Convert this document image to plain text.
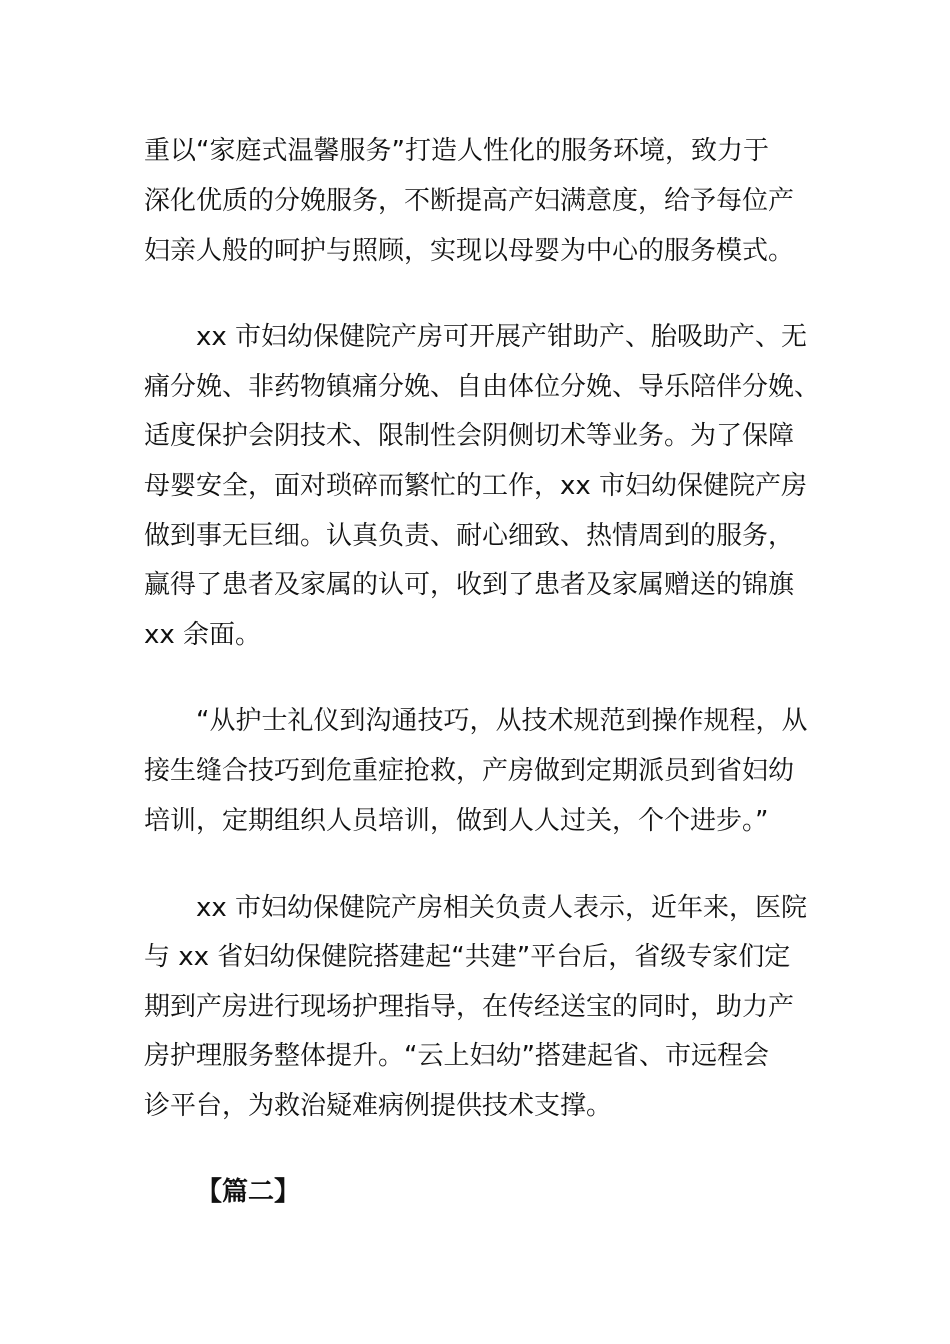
重以“家庭式温馨服务”打造人性化的服务环境，致力于

深化优质的分娩服务，不断提高产妇满意度，给予每位产

妇亲人般的呵护与照顾，实现以母婴为中心的服务模式。

xx 市妇幼保健院产房可开展产钳助产、胎吸助产、无

痛分娩、非药物镇痛分娩、自由体位分娩、导乐陪伴分娩、

适度保护会阴技术、限制性会阴侧切术等业务。为了保障

母婴安全，面对琐碎而繁忙的工作，xx 市妇幼保健院产房

做到事无巨细。认真负责、耐心细致、热情周到的服务，

赢得了患者及家属的认可，收到了患者及家属赠送的锦旗

xx 余面。

“从护士礼仪到沟通技巧，从技术规范到操作规程，从

接生缝合技巧到危重症抢救，产房做到定期派员到省妇幼

培训，定期组织人员培训，做到人人过关，个个进步。”

xx 市妇幼保健院产房相关负责人表示，近年来，医院

与 xx 省妇幼保健院搭建起“共建”平台后，省级专家们定

期到产房进行现场护理指导，在传经送宝的同时，助力产

房护理服务整体提升。“云上妇幼”搭建起省、市远程会

诊平台，为救治疑难病例提供技术支撑。

【篇二】
